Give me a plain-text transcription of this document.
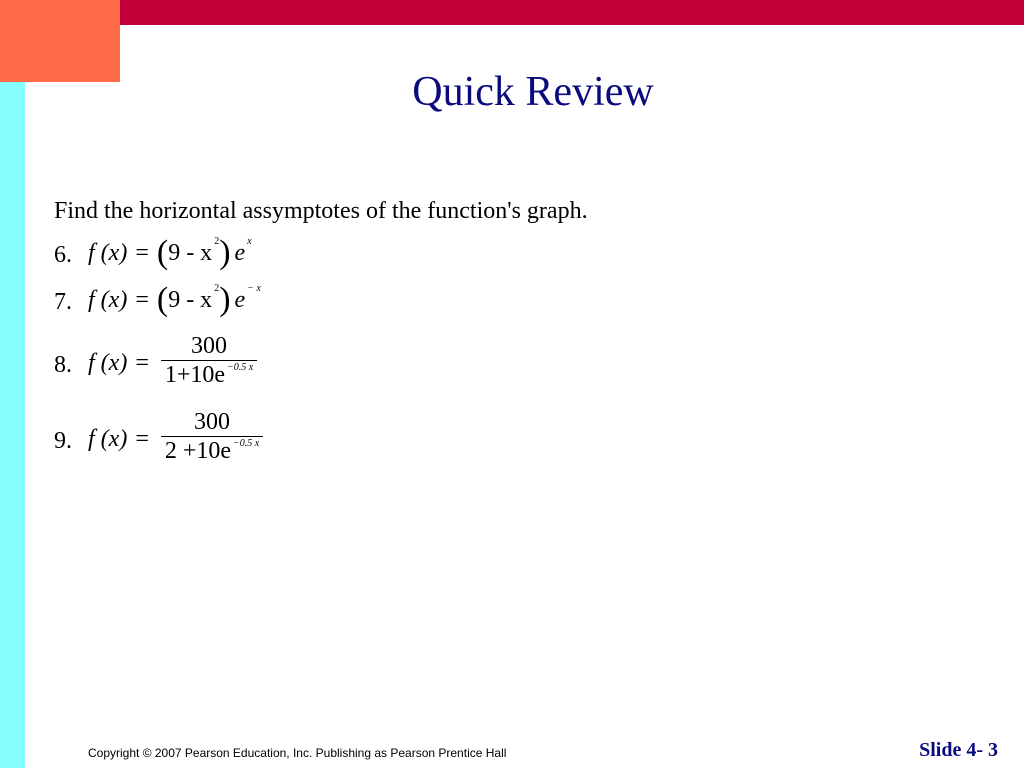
Quick Review
Find the horizontal assymptotes of the function's graph.
6. f (x) = ( 9 - x 2 ) e x
7. f (x) = ( 9 - x 2 ) e − x
8. f $(x) = \frac{300}{1+10e ^{-0.5 x}}$
9. f $(x) = \frac{300}{2 +10e ^{-0.5 x}}$
Copyright © 2007 Pearson Education, Inc. Publishing as Pearson Prentice Hall	Slide 4- 3
